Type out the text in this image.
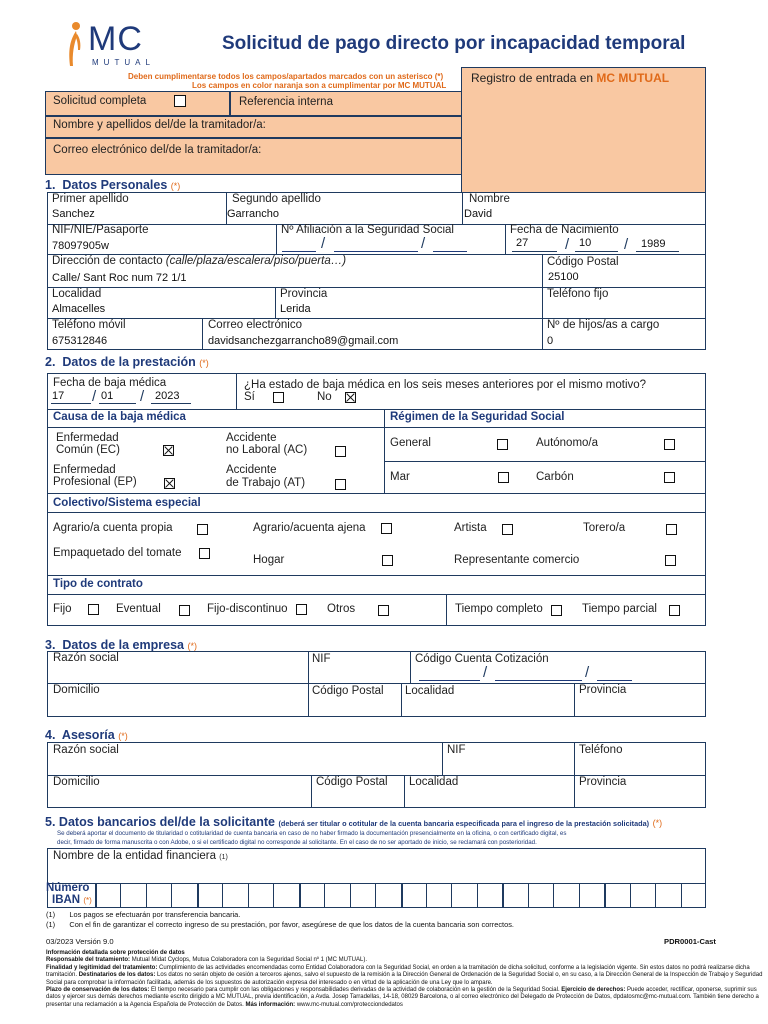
MC
MUTUAL
Solicitud de pago directo por incapacidad temporal
Deben cumplimentarse todos los campos/apartados marcados con un asterisco (*)
Los campos en color naranja son a cumplimentar por MC MUTUAL
Registro de entrada en MC MUTUAL
Solicitud completa	Referencia interna
Nombre y apellidos del/de la tramitador/a:
Correo electrónico del/de la tramitador/a:
1. Datos Personales (*)
Primer apellido
Sanchez
Segundo apellido
Garrancho
Nombre
David
NIF/NIE/Pasaporte
78097905w
Nº Afiliación a la Seguridad Social
/	/
Fecha de Nacimiento
27 / 10 / 1989
Dirección de contacto (calle/plaza/escalera/piso/puerta…)
Calle/ Sant Roc num 72 1/1
Código Postal
25100
Localidad
Almacelles
Provincia
Lerida
Teléfono fijo
Teléfono móvil
675312846
Correo electrónico
davidsanchezgarrancho89@gmail.com
Nº de hijos/as a cargo
0
2. Datos de la prestación (*)
Fecha de baja médica
17 / 01 / 2023
¿Ha estado de baja médica en los seis meses anteriores por el mismo motivo?
Sí	No
Causa de la baja médica	Régimen de la Seguridad Social
Enfermedad
Común (EC)
Accidente
no Laboral (AC)
Enfermedad
Profesional (EP)
Accidente
de Trabajo (AT)
General	Autónomo/a
Mar	Carbón
Colectivo/Sistema especial
Agrario/a cuenta propia	Agrario/acuenta ajena	Artista	Torero/a
Empaquetado del tomate
Hogar	Representante comercio
Tipo de contrato
Fijo	Eventual	Fijo-discontinuo	Otros	Tiempo completo	Tiempo parcial
3. Datos de la empresa (*)
Razón social	NIF	Código Cuenta Cotización
/	/
Domicilio	Código Postal Localidad	Provincia
4. Asesoría (*)
Razón social	NIF	Teléfono
Domicilio	Código Postal Localidad	Provincia
5. Datos bancarios del/de la solicitante (deberá ser titular o cotitular de la cuenta bancaria especificada para el ingreso de la prestación solicitada) (*)
Se deberá aportar el documento de titularidad o cotitularidad de cuenta bancaria en caso de no haber firmado la documentación presencialmente en la oficina, o con certificado digital, es
decir, firmado de forma manuscrita o con Adobe, o si el certificado digital no corresponde al solicitante. En el caso de no ser aportado de inicio, se reclamará con posterioridad.
Nombre de la entidad financiera (1)
Número
IBAN (*)
(1) Los pagos se efectuarán por transferencia bancaria.
(1) Con el fin de garantizar el correcto ingreso de su prestación, por favor, asegúrese de que los datos de la cuenta bancaria son correctos.
03/2023 Versión 9.0	PDR0001-Cast
Información detallada sobre protección de datos
Responsable del tratamiento: Mutual Midat Cyclops, Mutua Colaboradora con la Seguridad Social nº 1 (MC MUTUAL).
Finalidad y legitimidad del tratamiento: Cumplimiento de las actividades encomendadas como Entidad Colaboradora con la Seguridad Social, en orden a la tramitación de dicha solicitud, conforme a la legislación vigente. Sin estos datos no podrá realizarse dicha tramitación. Destinatarios de los datos: Los datos no serán objeto de cesión a terceros ajenos, salvo el supuesto de la remisión a la Dirección General de Ordenación de la Seguridad Social o, en su caso, a la Dirección General de la Inspección de Trabajo y Seguridad Social para comprobar la información facilitada, además de los supuestos de autorización expresa del interesado o en virtud de la aplicación de una Ley que lo ampare.
Plazo de conservación de los datos: El tiempo necesario para cumplir con las obligaciones y responsabilidades derivadas de la actividad de colaboración en la gestión de la Seguridad Social. Ejercicio de derechos: Puede acceder, rectificar, oponerse, suprimir sus datos y ejercer sus demás derechos mediante escrito dirigido a MC MUTUAL, previa identificación, a Avda. Josep Tarradellas, 14-18, 08029 Barcelona, o al correo electrónico del Delegado de Protección de Datos, dpdatosmc@mc-mutual.com. También tiene derecho a presentar una reclamación a la Agencia Española de Protección de Datos. Más información: www.mc-mutual.com/protecciondedatos
